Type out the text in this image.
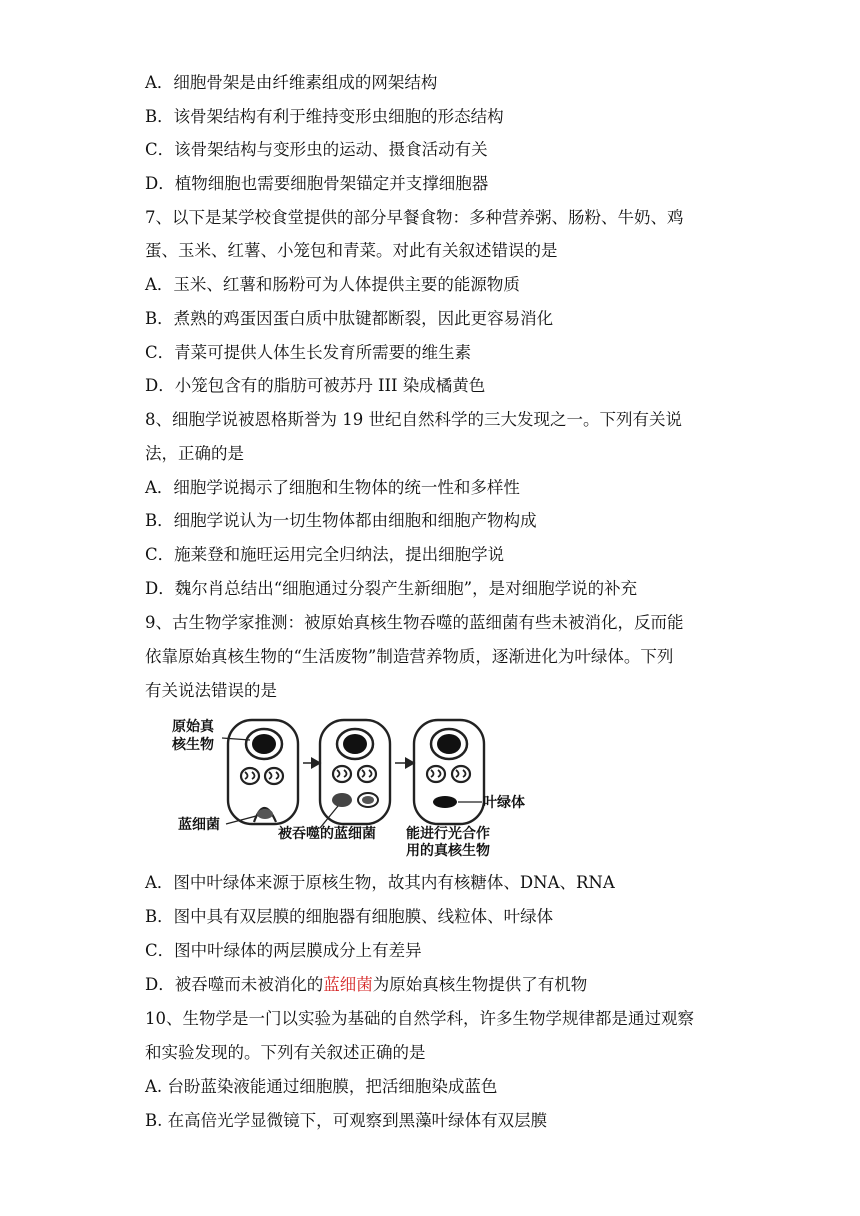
A．细胞骨架是由纤维素组成的网架结构
B．该骨架结构有利于维持变形虫细胞的形态结构
C．该骨架结构与变形虫的运动、摄食活动有关
D．植物细胞也需要细胞骨架锚定并支撑细胞器
7、以下是某学校食堂提供的部分早餐食物：多种营养粥、肠粉、牛奶、鸡
蛋、玉米、红薯、小笼包和青菜。对此有关叙述错误的是
A．玉米、红薯和肠粉可为人体提供主要的能源物质
B．煮熟的鸡蛋因蛋白质中肽键都断裂，因此更容易消化
C．青菜可提供人体生长发育所需要的维生素
D．小笼包含有的脂肪可被苏丹 III 染成橘黄色
8、细胞学说被恩格斯誉为 19 世纪自然科学的三大发现之一。下列有关说
法，正确的是
A．细胞学说揭示了细胞和生物体的统一性和多样性
B．细胞学说认为一切生物体都由细胞和细胞产物构成
C．施莱登和施旺运用完全归纳法，提出细胞学说
D．魏尔肖总结出“细胞通过分裂产生新细胞”，是对细胞学说的补充
9、古生物学家推测：被原始真核生物吞噬的蓝细菌有些未被消化，反而能
依靠原始真核生物的“生活废物”制造营养物质，逐渐进化为叶绿体。下列
有关说法错误的是
原始真
核生物
叶绿体
蓝细菌
被吞噬的蓝细菌 能进行光合作
用的真核生物
A．图中叶绿体来源于原核生物，故其内有核糖体、DNA、RNA
B．图中具有双层膜的细胞器有细胞膜、线粒体、叶绿体
C．图中叶绿体的两层膜成分上有差异
D．被吞噬而未被消化的蓝细菌为原始真核生物提供了有机物
10、生物学是一门以实验为基础的自然学科，许多生物学规律都是通过观察
和实验发现的。下列有关叙述正确的是
A. 台盼蓝染液能通过细胞膜，把活细胞染成蓝色
B. 在高倍光学显微镜下，可观察到黑藻叶绿体有双层膜
